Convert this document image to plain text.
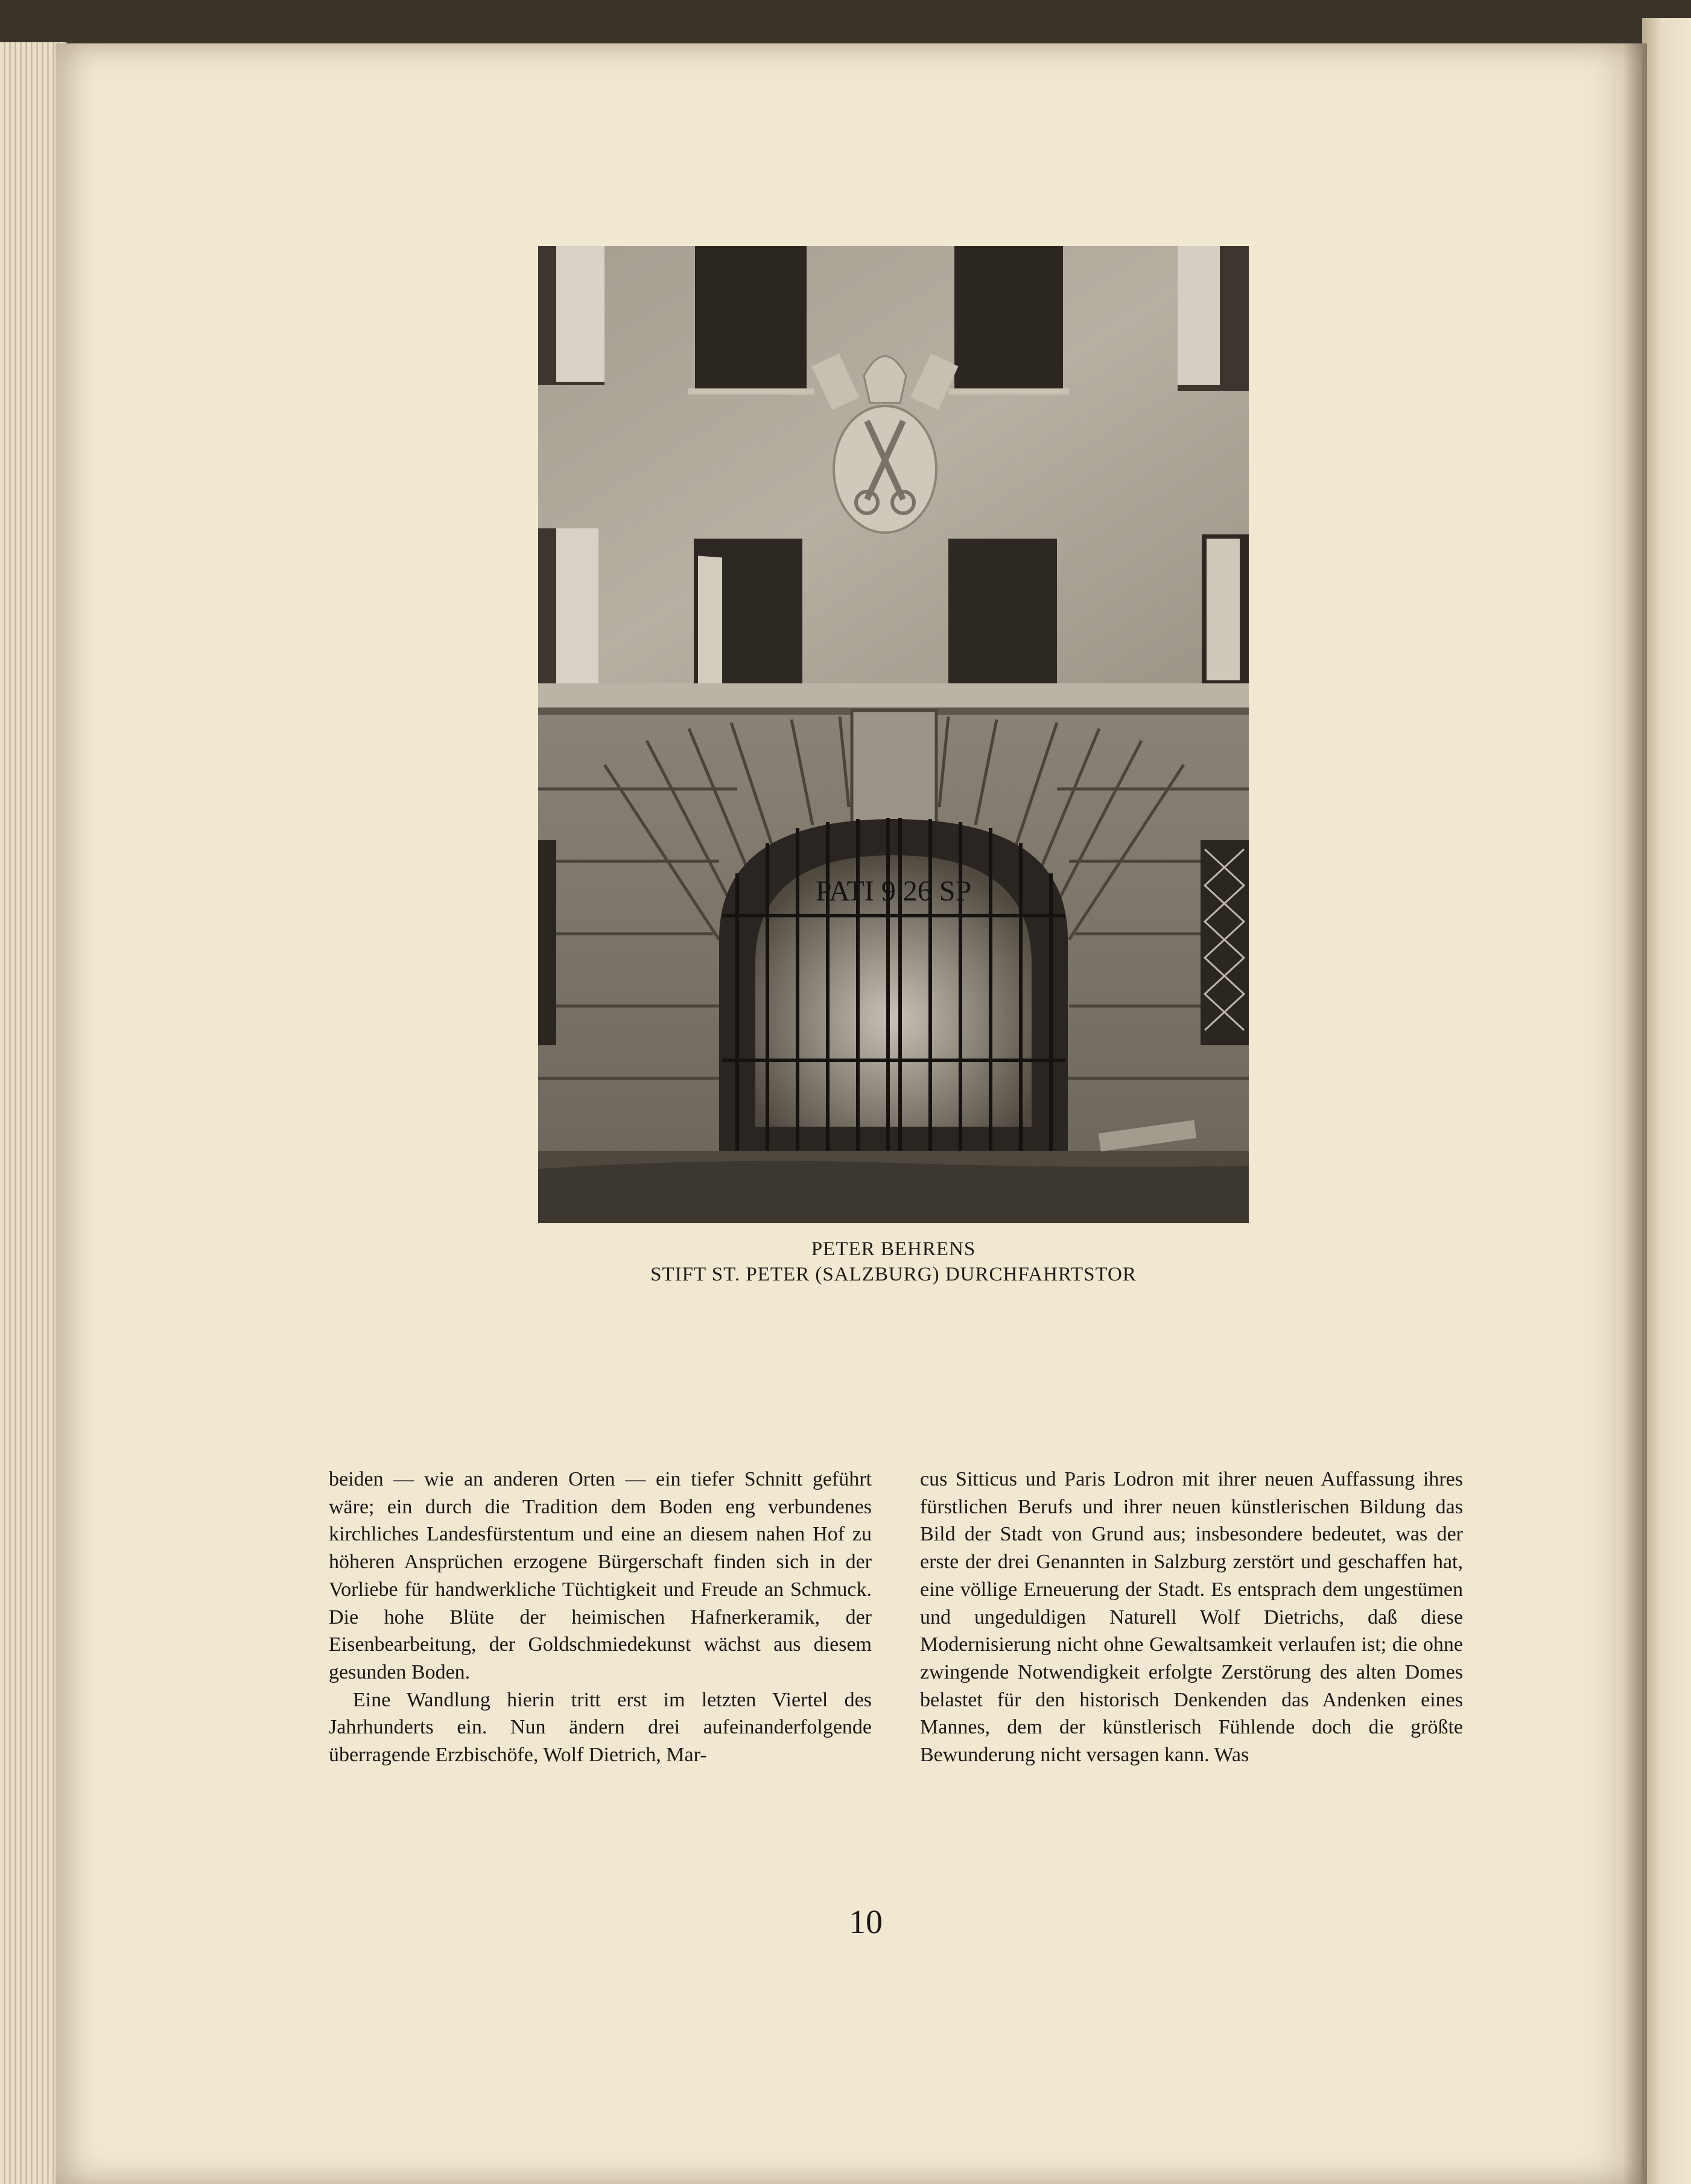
PATI 9 26 SP
PETER BEHRENS
STIFT ST. PETER (SALZBURG) DURCHFAHRTSTOR

beiden — wie an anderen Orten — ein tiefer Schnitt geführt wäre; ein durch die Tradition dem Boden eng verbundenes kirchliches Landesfürstentum und eine an diesem nahen Hof zu höheren Ansprüchen erzogene Bürgerschaft finden sich in der Vorliebe für handwerkliche Tüchtigkeit und Freude an Schmuck. Die hohe Blüte der heimischen Hafnerkeramik, der Eisenbearbeitung, der Goldschmiedekunst wächst aus diesem gesunden Boden.

Eine Wandlung hierin tritt erst im letzten Viertel des Jahrhunderts ein. Nun ändern drei aufeinanderfolgende überragende Erzbischöfe, Wolf Dietrich, Mar-

cus Sitticus und Paris Lodron mit ihrer neuen Auffassung ihres fürstlichen Berufs und ihrer neuen künstlerischen Bildung das Bild der Stadt von Grund aus; insbesondere bedeutet, was der erste der drei Genannten in Salzburg zerstört und geschaffen hat, eine völlige Erneuerung der Stadt. Es entsprach dem ungestümen und ungeduldigen Naturell Wolf Dietrichs, daß diese Modernisierung nicht ohne Gewaltsamkeit verlaufen ist; die ohne zwingende Notwendigkeit erfolgte Zerstörung des alten Domes belastet für den historisch Denkenden das Andenken eines Mannes, dem der künstlerisch Fühlende doch die größte Bewunderung nicht versagen kann. Was

10
